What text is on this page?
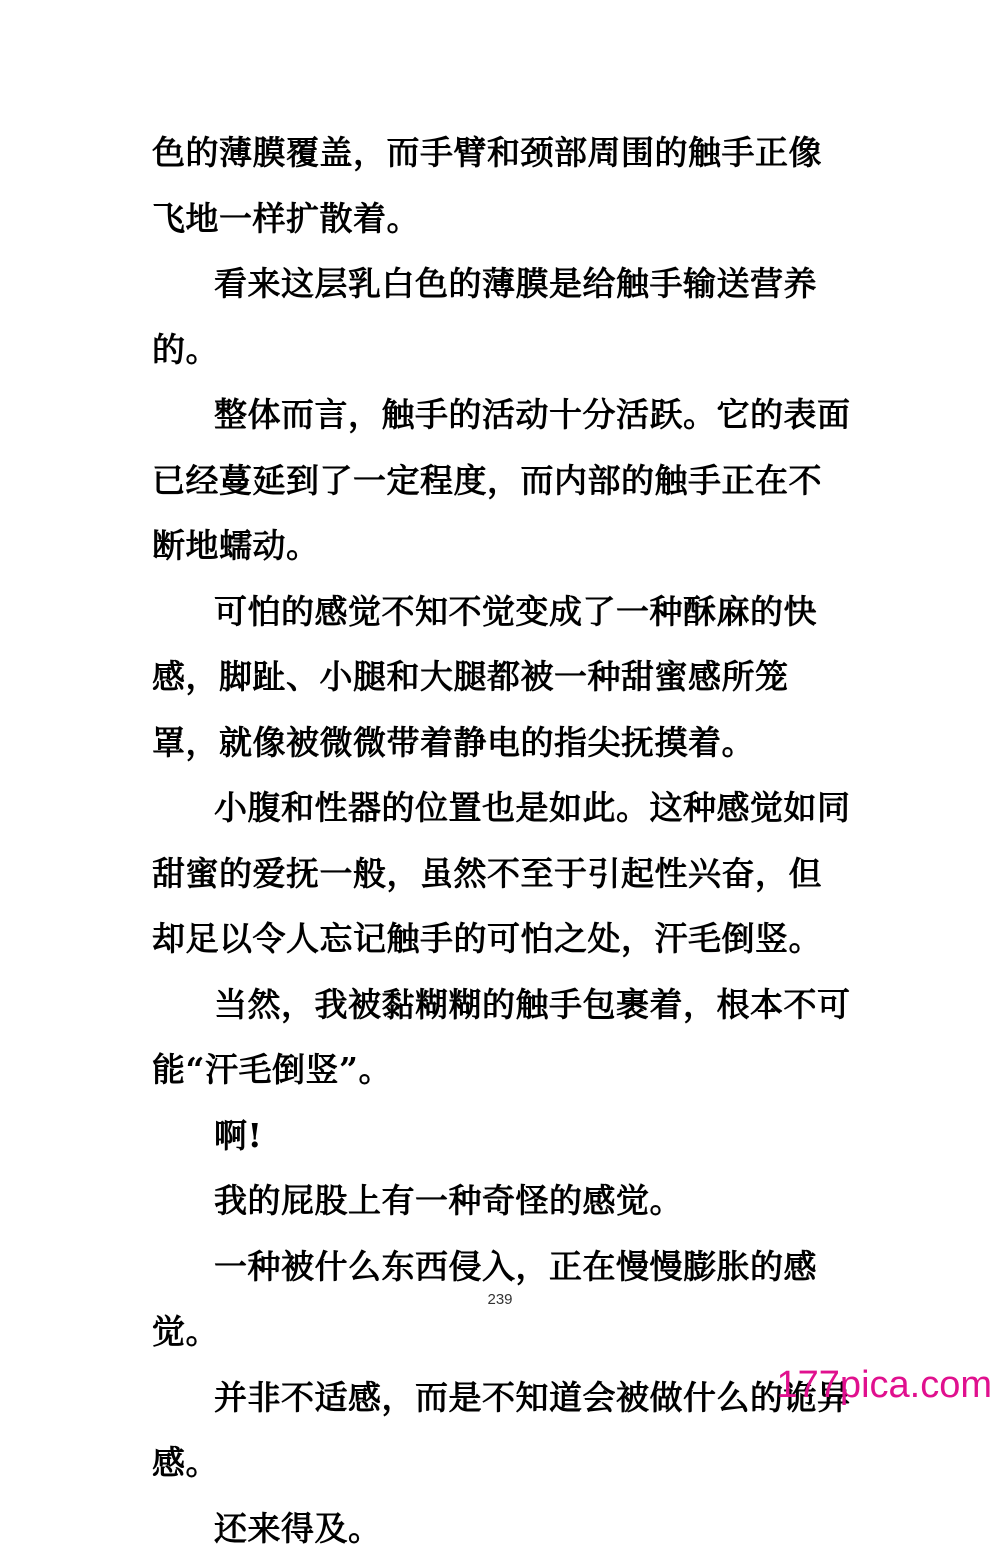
色的薄膜覆盖，而手臂和颈部周围的触手正像飞地一样扩散着。

看来这层乳白色的薄膜是给触手输送营养的。

整体而言，触手的活动十分活跃。它的表面已经蔓延到了一定程度，而内部的触手正在不断地蠕动。

可怕的感觉不知不觉变成了一种酥麻的快感，脚趾、小腿和大腿都被一种甜蜜感所笼罩，就像被微微带着静电的指尖抚摸着。

小腹和性器的位置也是如此。这种感觉如同甜蜜的爱抚一般，虽然不至于引起性兴奋，但却足以令人忘记触手的可怕之处，汗毛倒竖。

当然，我被黏糊糊的触手包裹着，根本不可能“汗毛倒竖”。

啊!

我的屁股上有一种奇怪的感觉。

一种被什么东西侵入，正在慢慢膨胀的感觉。

并非不适感，而是不知道会被做什么的诡异感。

还来得及。

239
177pica.com
